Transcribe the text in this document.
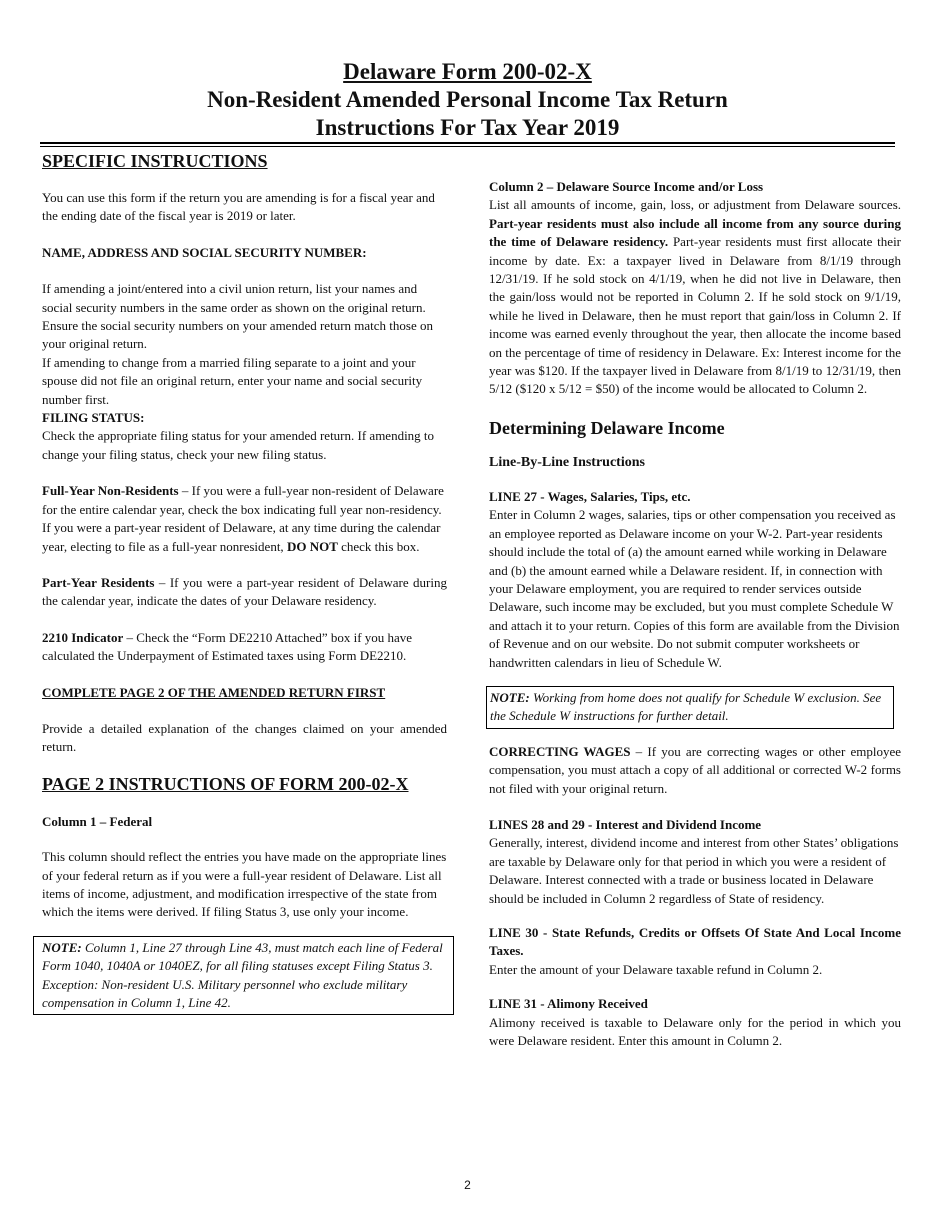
Delaware Form 200-02-X
Non-Resident Amended Personal Income Tax Return
Instructions For Tax Year 2019

SPECIFIC INSTRUCTIONS

You can use this form if the return you are amending is for a fiscal year and the ending date of the fiscal year is 2019 or later.

NAME, ADDRESS AND SOCIAL SECURITY NUMBER:

If amending a joint/entered into a civil union return, list your names and social security numbers in the same order as shown on the original return. Ensure the social security numbers on your amended return match those on your original return.

If amending to change from a married filing separate to a joint and your spouse did not file an original return, enter your name and social security number first.

FILING STATUS:

Check the appropriate filing status for your amended return. If amending to change your filing status, check your new filing status.

Full-Year Non-Residents – If you were a full-year non-resident of Delaware for the entire calendar year, check the box indicating full year non-residency. If you were a part-year resident of Delaware, at any time during the calendar year, electing to file as a full-year nonresident, DO NOT check this box.

Part-Year Residents – If you were a part-year resident of Delaware during the calendar year, indicate the dates of your Delaware residency.

2210 Indicator – Check the “Form DE2210 Attached” box if you have calculated the Underpayment of Estimated taxes using Form DE2210.

COMPLETE PAGE 2 OF THE AMENDED RETURN FIRST

Provide a detailed explanation of the changes claimed on your amended return.

PAGE 2 INSTRUCTIONS OF FORM 200-02-X

Column 1 – Federal

This column should reflect the entries you have made on the appropriate lines of your federal return as if you were a full-year resident of Delaware. List all items of income, adjustment, and modification irrespective of the state from which the items were derived. If filing Status 3, use only your income.

NOTE: Column 1, Line 27 through Line 43, must match each line of Federal Form 1040, 1040A or 1040EZ, for all filing statuses except Filing Status 3. Exception: Non-resident U.S. Military personnel who exclude military compensation in Column 1, Line 42.

Column 2 – Delaware Source Income and/or Loss

List all amounts of income, gain, loss, or adjustment from Delaware sources. Part-year residents must also include all income from any source during the time of Delaware residency. Part-year residents must first allocate their income by date. Ex: a taxpayer lived in Delaware from 8/1/19 through 12/31/19. If he sold stock on 4/1/19, when he did not live in Delaware, then the gain/loss would not be reported in Column 2. If he sold stock on 9/1/19, while he lived in Delaware, then he must report that gain/loss in Column 2. If income was earned evenly throughout the year, then allocate the income based on the percentage of time of residency in Delaware. Ex: Interest income for the year was $120. If the taxpayer lived in Delaware from 8/1/19 to 12/31/19, then 5/12 ($120 x 5/12 = $50) of the income would be allocated to Column 2.

Determining Delaware Income

Line-By-Line Instructions

LINE 27 - Wages, Salaries, Tips, etc.

Enter in Column 2 wages, salaries, tips or other compensation you received as an employee reported as Delaware income on your W-2. Part-year residents should include the total of (a) the amount earned while working in Delaware and (b) the amount earned while a Delaware resident. If, in connection with your Delaware employment, you are required to render services outside Delaware, such income may be excluded, but you must complete Schedule W and attach it to your return. Copies of this form are available from the Division of Revenue and on our website. Do not submit computer worksheets or handwritten calendars in lieu of Schedule W.

NOTE: Working from home does not qualify for Schedule W exclusion. See the Schedule W instructions for further detail.

CORRECTING WAGES – If you are correcting wages or other employee compensation, you must attach a copy of all additional or corrected W-2 forms not filed with your original return.

LINES 28 and 29 - Interest and Dividend Income

Generally, interest, dividend income and interest from other States’ obligations are taxable by Delaware only for that period in which you were a resident of Delaware. Interest connected with a trade or business located in Delaware should be included in Column 2 regardless of State of residency.

LINE 30 - State Refunds, Credits or Offsets Of State And Local Income Taxes.

Enter the amount of your Delaware taxable refund in Column 2.

LINE 31 - Alimony Received

Alimony received is taxable to Delaware only for the period in which you were Delaware resident. Enter this amount in Column 2.

2
